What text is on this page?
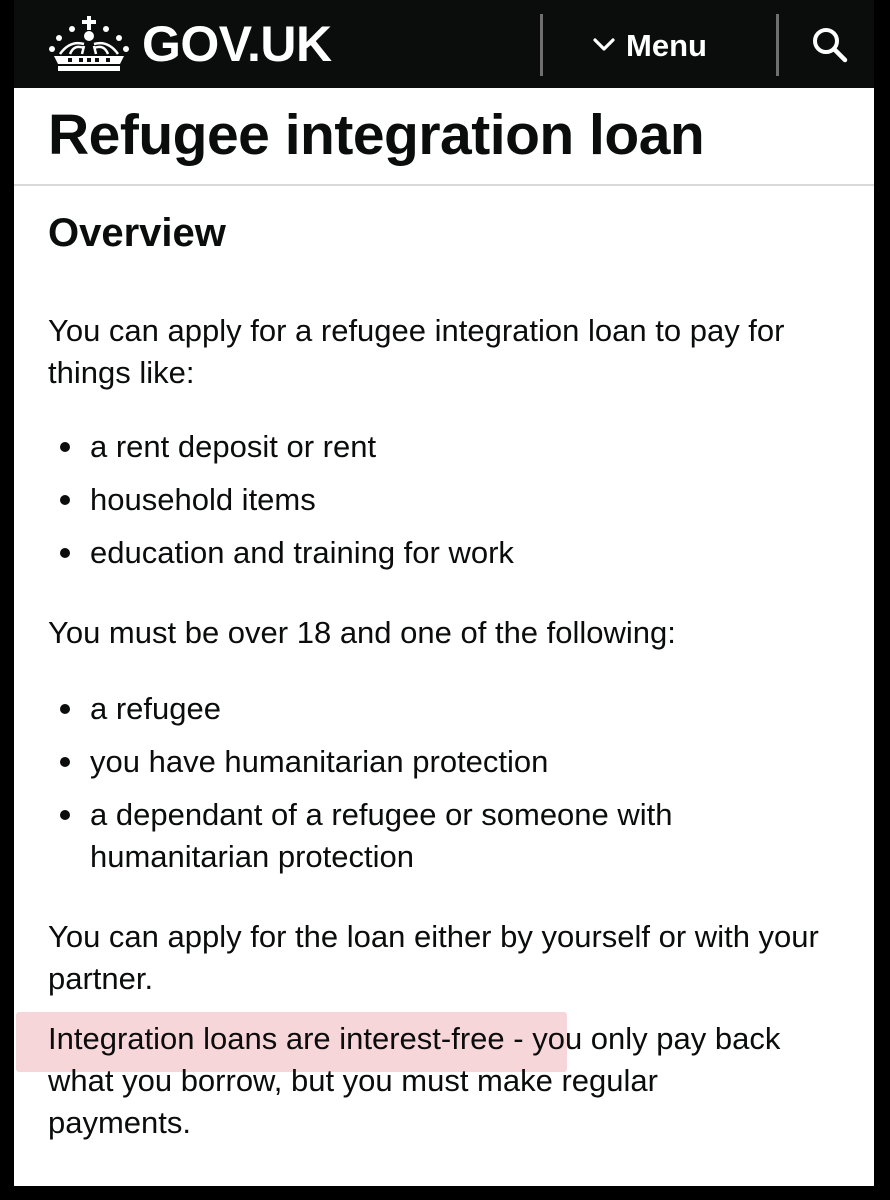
GOV.UK	Menu
Refugee integration loan
Overview

You can apply for a refugee integration loan to pay for things like:

a rent deposit or rent
household items
education and training for work

You must be over 18 and one of the following:

a refugee
you have humanitarian protection
a dependant of a refugee or someone with humanitarian protection

You can apply for the loan either by yourself or with your partner.

Integration loans are interest-free - you only pay back
what you borrow, but you must make regular
payments.
